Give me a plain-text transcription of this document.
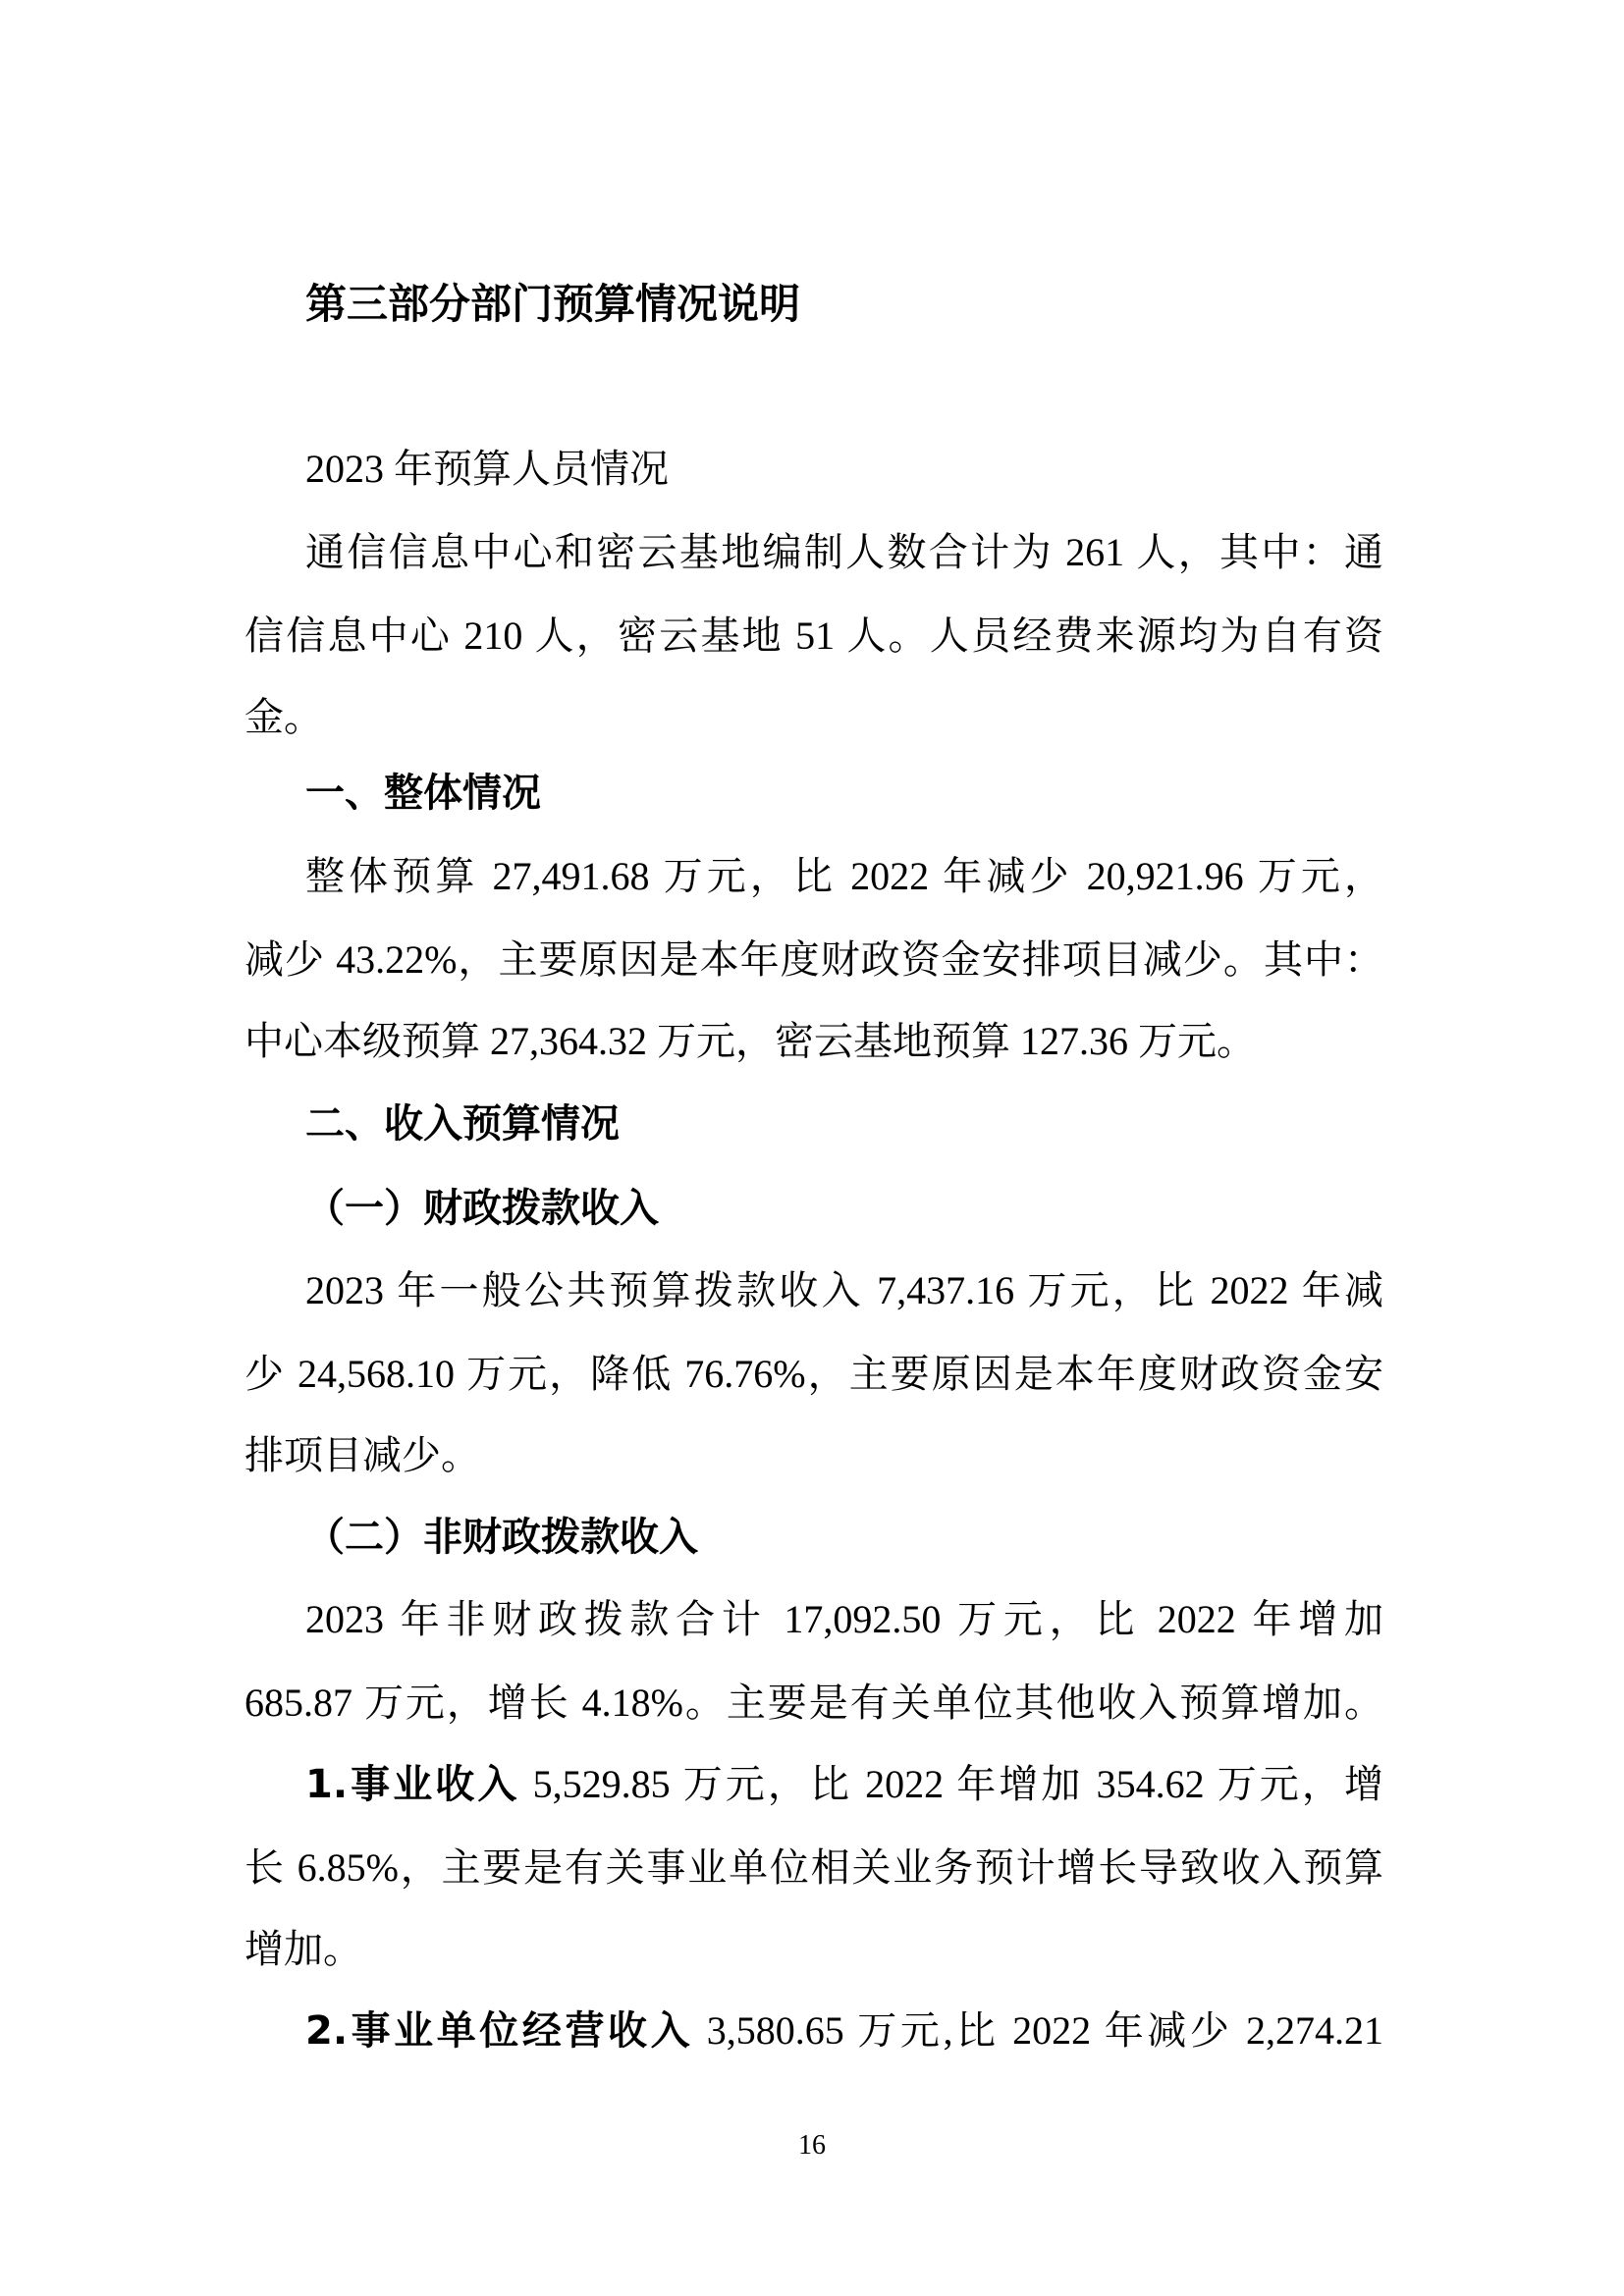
第三部分部门预算情况说明
2023 年预算人员情况
通信信息中心和密云基地编制人数合计为 261 人，其中：通
信信息中心 210 人，密云基地 51 人。人员经费来源均为自有资
金。
一、整体情况
整体预算 27,491.68 万元，比 2022 年减少 20,921.96 万元，
减少 43.22%，主要原因是本年度财政资金安排项目减少。其中：
中心本级预算 27,364.32 万元，密云基地预算 127.36 万元。
二、收入预算情况
（一）财政拨款收入
2023 年一般公共预算拨款收入 7,437.16 万元，比 2022 年减
少 24,568.10 万元，降低 76.76%，主要原因是本年度财政资金安
排项目减少。
（二）非财政拨款收入
2023 年非财政拨款合计 17,092.50 万元，比 2022 年增加
685.87 万元，增长 4.18%。主要是有关单位其他收入预算增加。
1.事业收入 5,529.85 万元，比 2022 年增加 354.62 万元，增
长 6.85%，主要是有关事业单位相关业务预计增长导致收入预算
增加。
2.事业单位经营收入 3,580.65 万元,比 2022 年减少 2,274.21
16
